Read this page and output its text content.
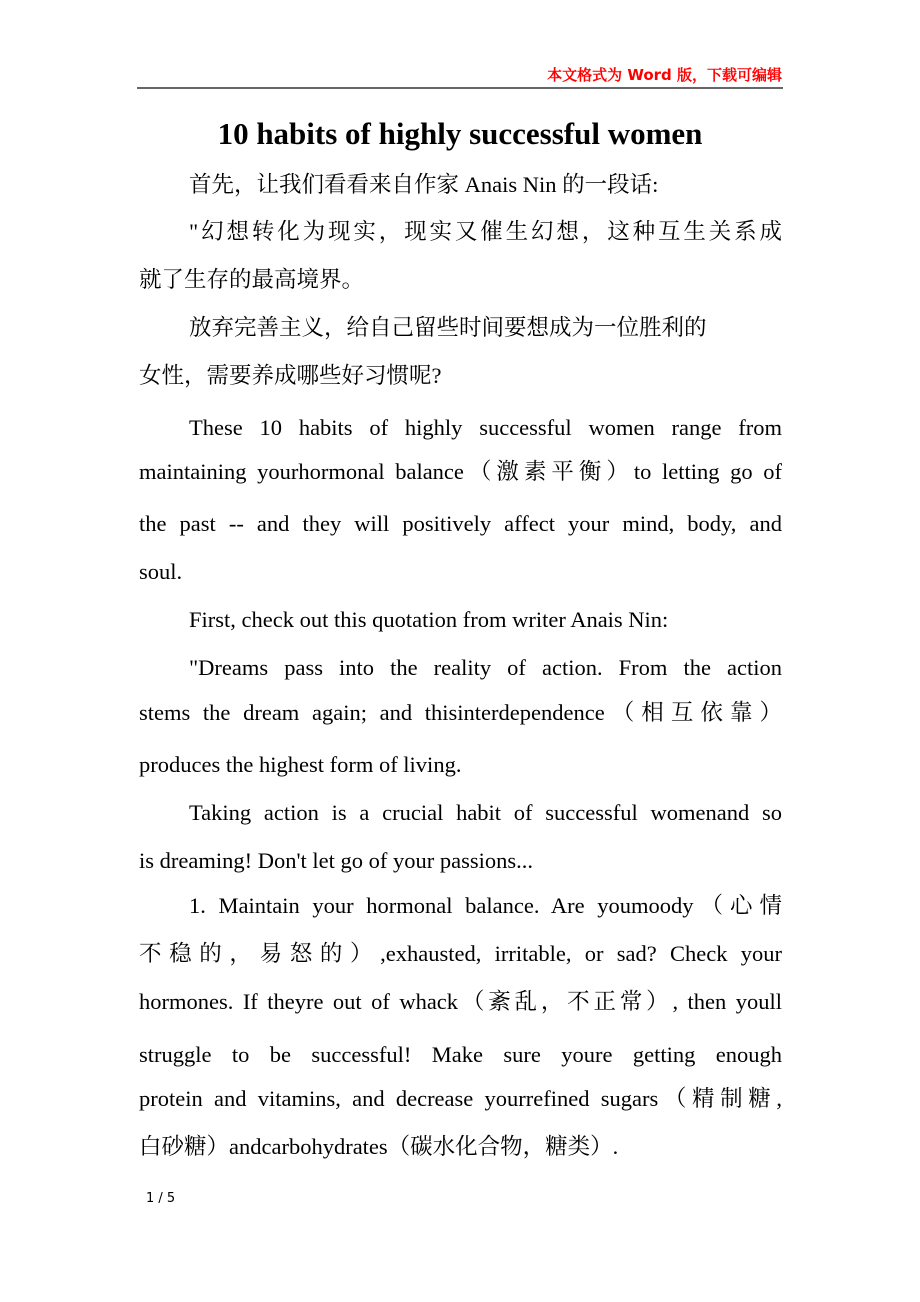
本文格式为 Word 版，下载可编辑
10 habits of highly successful women
首先，让我们看看来自作家 Anais Nin 的一段话:
"幻想转化为现实，现实又催生幻想，这种互生关系成
就了生存的最高境界。
放弃完善主义，给自己留些时间要想成为一位胜利的
女性，需要养成哪些好习惯呢?
These 10 habits of highly successful women range from
maintaining yourhormonal balance（激素平衡）to letting go of
the past -- and they will positively affect your mind, body, and
soul.
First, check out this quotation from writer Anais Nin:
"Dreams pass into the reality of action. From the action
stems the dream again; and thisinterdependence（相互依靠）
produces the highest form of living.
Taking action is a crucial habit of successful womenand so
is dreaming! Don't let go of your passions...
1. Maintain your hormonal balance. Are youmoody（心情
不稳的，易怒的）,exhausted, irritable, or sad? Check your
hormones. If theyre out of whack（紊乱，不正常）, then youll
struggle to be successful! Make sure youre getting enough
protein and vitamins, and decrease yourrefined sugars（精制糖,
白砂糖）andcarbohydrates（碳水化合物，糖类）.
1 / 5
